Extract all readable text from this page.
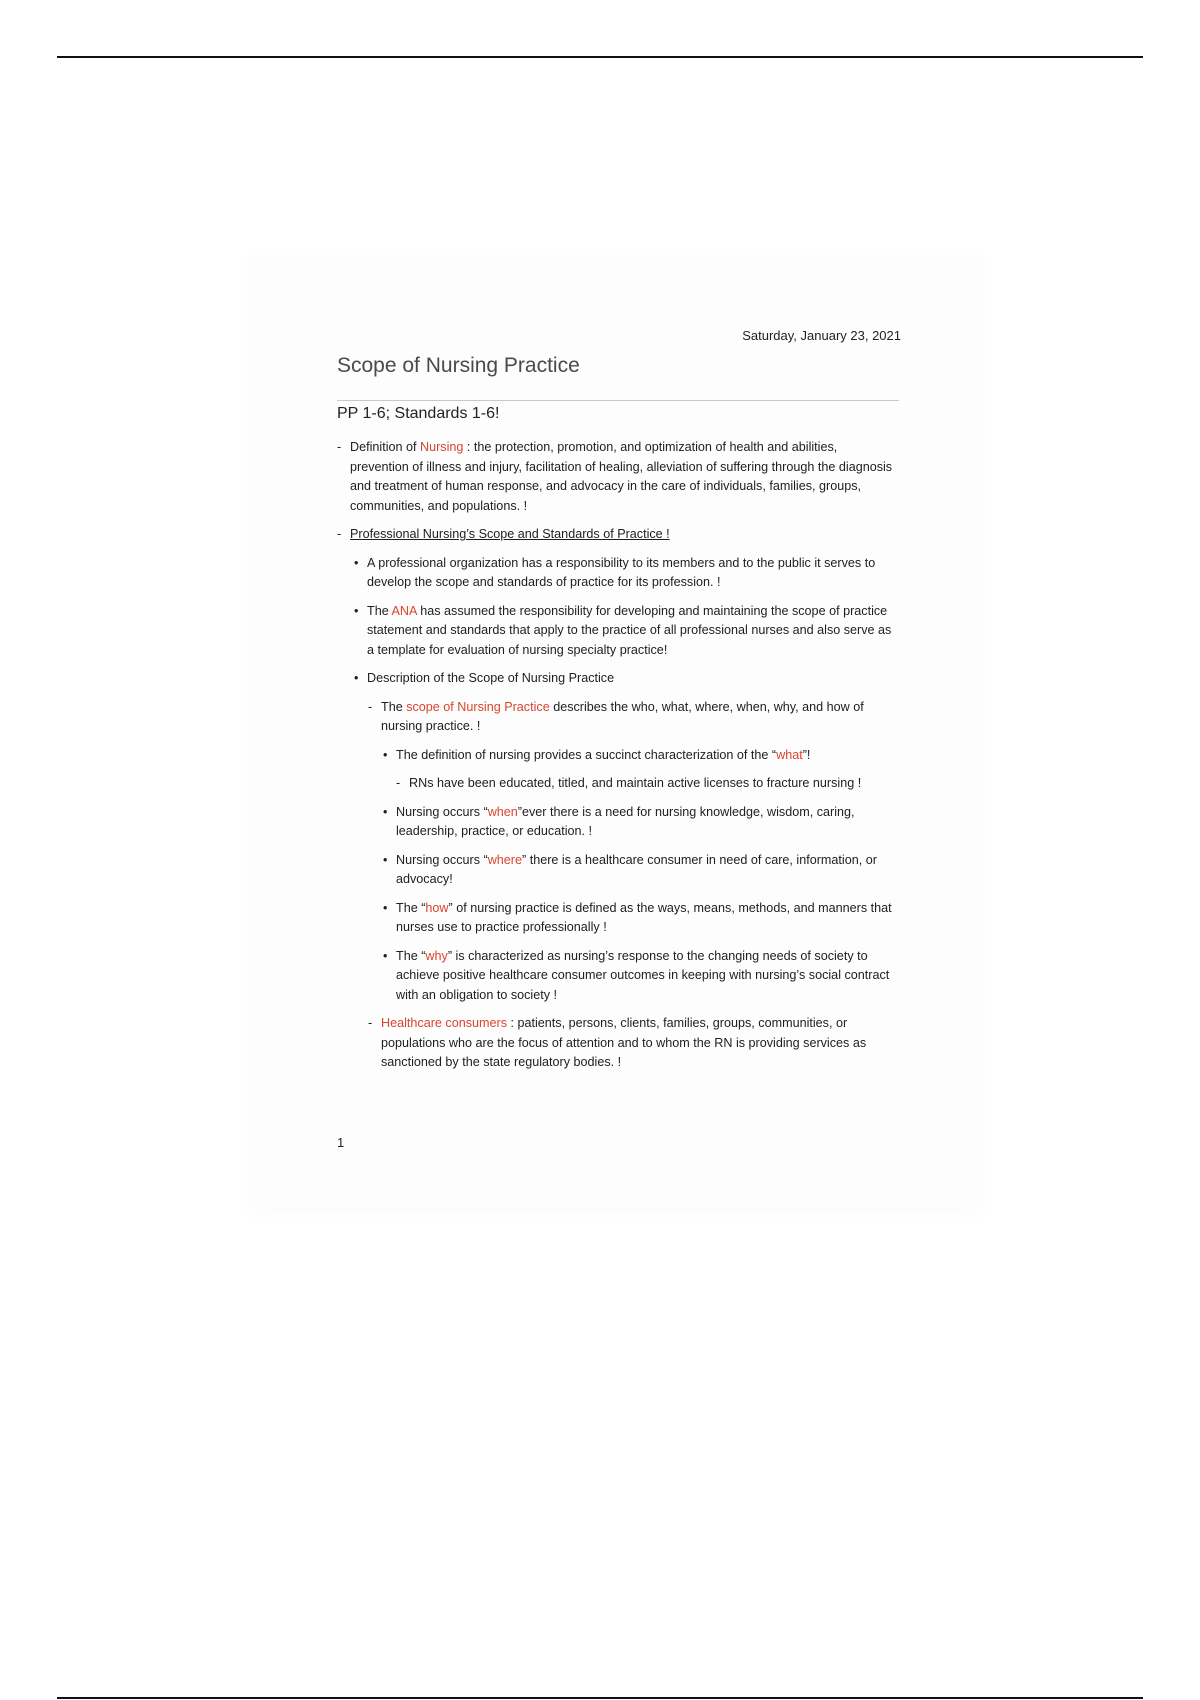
Saturday, January 23, 2021
Scope of Nursing Practice
PP 1-6; Standards 1-6!
- Definition of Nursing : the protection, promotion, and optimization of health and abilities, prevention of illness and injury, facilitation of healing, alleviation of suffering through the diagnosis and treatment of human response, and advocacy in the care of individuals, families, groups, communities, and populations. !
- Professional Nursing’s Scope and Standards of Practice !
• A professional organization has a responsibility to its members and to the public it serves to develop the scope and standards of practice for its profession. !
• The ANA has assumed the responsibility for developing and maintaining the scope of practice statement and standards that apply to the practice of all professional nurses and also serve as a template for evaluation of nursing specialty practice!
• Description of the Scope of Nursing Practice
- The scope of Nursing Practice describes the who, what, where, when, why, and how of nursing practice. !
• The definition of nursing provides a succinct characterization of the “what”!
- RNs have been educated, titled, and maintain active licenses to fracture nursing !
• Nursing occurs “when”ever there is a need for nursing knowledge, wisdom, caring, leadership, practice, or education. !
• Nursing occurs “where” there is a healthcare consumer in need of care, information, or advocacy!
• The “how” of nursing practice is defined as the ways, means, methods, and manners that nurses use to practice professionally !
• The “why” is characterized as nursing’s response to the changing needs of society to achieve positive healthcare consumer outcomes in keeping with nursing’s social contract with an obligation to society !
- Healthcare consumers : patients, persons, clients, families, groups, communities, or populations who are the focus of attention and to whom the RN is providing services as sanctioned by the state regulatory bodies. !
1
